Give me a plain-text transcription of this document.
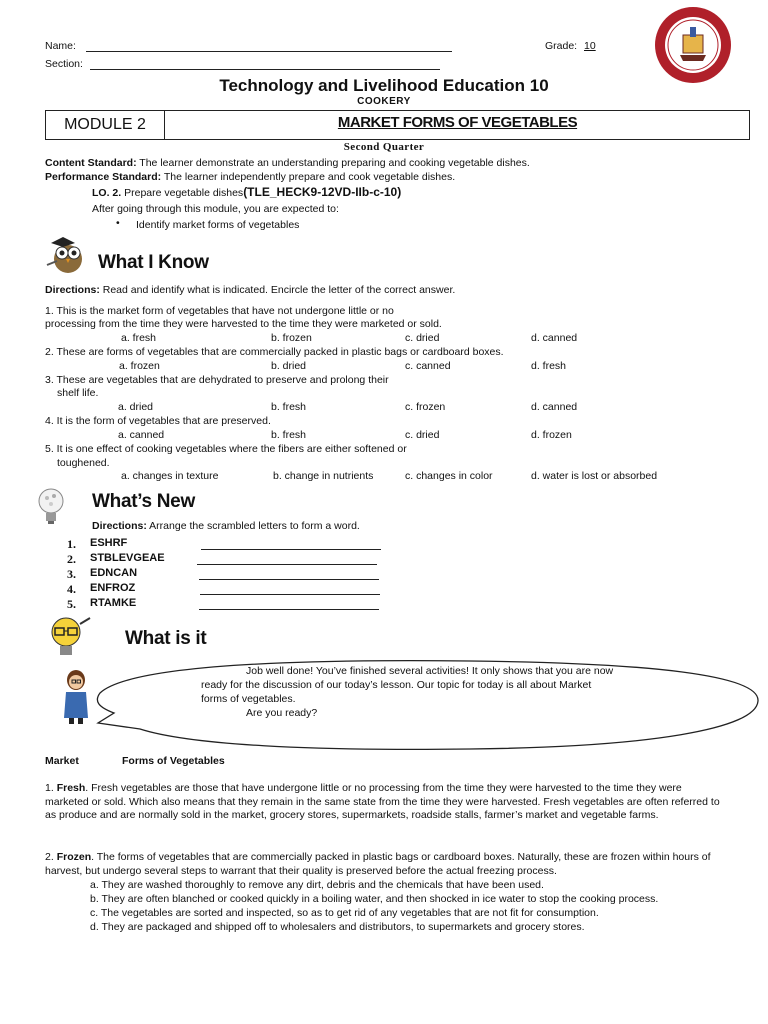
Name:	Grade: 10
Section:
Technology and Livelihood Education 10
COOKERY
MODULE 2	MARKET FORMS OF VEGETABLES
Second Quarter
Content Standard: The learner demonstrate an understanding preparing and cooking vegetable dishes.
Performance Standard: The learner independently prepare and cook vegetable dishes.
LO. 2. Prepare vegetable dishes(TLE_HECK9-12VD-IIb-c-10)
After going through this module, you are expected to:
• Identify market forms of vegetables
What I Know
Directions: Read and identify what is indicated. Encircle the letter of the correct answer.
1. This is the market form of vegetables that have not undergone little or no
processing from the time they were harvested to the time they were marketed or sold.
a. fresh	b. frozen	c. dried	d. canned
2. These are forms of vegetables that are commercially packed in plastic bags or cardboard boxes.
a. frozen	b. dried	c. canned	d. fresh
3. These are vegetables that are dehydrated to preserve and prolong their
shelf life.
a. dried	b. fresh	c. frozen	d. canned
4. It is the form of vegetables that are preserved.
a. canned	b. fresh	c. dried	d. frozen
5. It is one effect of cooking vegetables where the fibers are either softened or
toughened.
a. changes in texture	b. change in nutrients	c. changes in color	d. water is lost or absorbed
What’s New
Directions: Arrange the scrambled letters to form a word.
1. ESHRF
2. STBLEVGEAE
3. EDNCAN
4. ENFROZ
5. RTAMKE
What is it
Job well done! You’ve finished several activities! It only shows that you are now
ready for the discussion of our today’s lesson. Our topic for today is all about Market
forms of vegetables.
Are you ready?
Market	Forms of Vegetables
1. Fresh. Fresh vegetables are those that have undergone little or no processing from the time they were harvested to the time they were marketed or sold. Which also means that they remain in the same state from the time they were harvested. Fresh vegetables are often referred to as produce and are normally sold in the market, grocery stores, supermarkets, roadside stalls, farmer’s market and vegetable farms.
2. Frozen. The forms of vegetables that are commercially packed in plastic bags or cardboard boxes. Naturally, these are frozen within hours of harvest, but undergo several steps to warrant that their quality is preserved before the actual freezing process.
a. They are washed thoroughly to remove any dirt, debris and the chemicals that have been used.
b. They are often blanched or cooked quickly in a boiling water, and then shocked in ice water to stop the cooking process.
c. The vegetables are sorted and inspected, so as to get rid of any vegetables that are not fit for consumption.
d. They are packaged and shipped off to wholesalers and distributors, to supermarkets and grocery stores.
